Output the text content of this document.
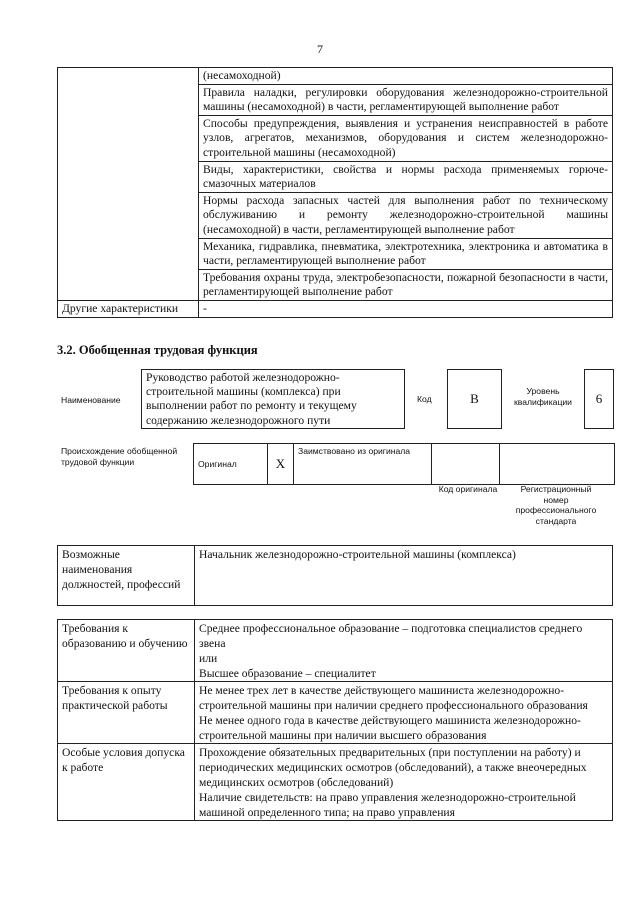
7
	(несамоходной)
	Правила наладки, регулировки оборудования железнодорожно-строительной машины (несамоходной) в части, регламентирующей выполнение работ
	Способы предупреждения, выявления и устранения неисправностей в работе узлов, агрегатов, механизмов, оборудования и систем железнодорожно-строительной машины (несамоходной)
	Виды, характеристики, свойства и нормы расхода применяемых горюче-смазочных материалов
	Нормы расхода запасных частей для выполнения работ по техническому обслуживанию и ремонту железнодорожно-строительной машины (несамоходной) в части, регламентирующей выполнение работ
	Механика, гидравлика, пневматика, электротехника, электроника и автоматика в части, регламентирующей выполнение работ
	Требования охраны труда, электробезопасности, пожарной безопасности в части, регламентирующей выполнение работ
Другие характеристики	-
3.2. Обобщенная трудовая функция
Наименование
Руководство работой железнодорожно-строительной машины (комплекса) при выполнении работ по ремонту и текущему содержанию железнодорожного пути
Код	B	Уровень квалификации	6
Происхождение обобщенной трудовой функции	Оригинал	X	Заимствовано из оригинала		
Код оригинала	Регистрационный номер профессионального стандарта
Возможные наименования должностей, профессий	Начальник железнодорожно-строительной машины (комплекса)
Требования к образованию и обучению	Среднее профессиональное образование – подготовка специалистов среднего звена
или
Высшее образование – специалитет

Требования к опыту практической работы	Не менее трех лет в качестве действующего машиниста железнодорожно-строительной машины при наличии среднего профессионального образования
Не менее одного года в качестве действующего машиниста железнодорожно-строительной машины при наличии высшего образования

Особые условия допуска к работе	Прохождение обязательных предварительных (при поступлении на работу) и периодических медицинских осмотров (обследований), а также внеочередных медицинских осмотров (обследований)
Наличие свидетельств: на право управления железнодорожно-строительной машиной определенного типа; на право управления
